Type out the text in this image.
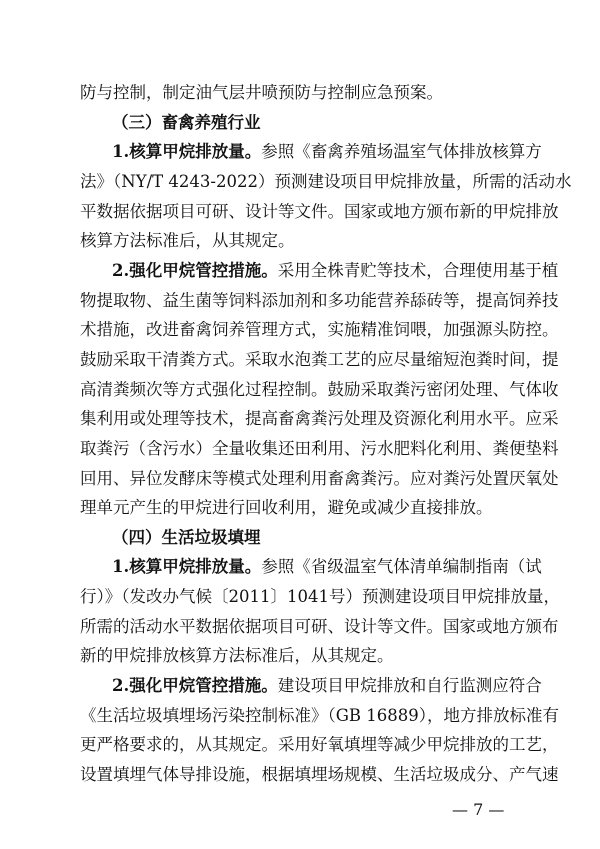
防与控制，制定油气层井喷预防与控制应急预案。
（三）畜禽养殖行业
1.核算甲烷排放量。参照《畜禽养殖场温室气体排放核算方
法》（NY/T 4243-2022）预测建设项目甲烷排放量，所需的活动水
平数据依据项目可研、设计等文件。国家或地方颁布新的甲烷排放
核算方法标准后，从其规定。
2.强化甲烷管控措施。采用全株青贮等技术，合理使用基于植
物提取物、益生菌等饲料添加剂和多功能营养舔砖等，提高饲养技
术措施，改进畜禽饲养管理方式，实施精准饲喂，加强源头防控。
鼓励采取干清粪方式。采取水泡粪工艺的应尽量缩短泡粪时间，提
高清粪频次等方式强化过程控制。鼓励采取粪污密闭处理、气体收
集利用或处理等技术，提高畜禽粪污处理及资源化利用水平。应采
取粪污（含污水）全量收集还田利用、污水肥料化利用、粪便垫料
回用、异位发酵床等模式处理利用畜禽粪污。应对粪污处置厌氧处
理单元产生的甲烷进行回收利用，避免或减少直接排放。
（四）生活垃圾填埋
1.核算甲烷排放量。参照《省级温室气体清单编制指南（试
行）》（发改办气候〔2011〕1041号）预测建设项目甲烷排放量，
所需的活动水平数据依据项目可研、设计等文件。国家或地方颁布
新的甲烷排放核算方法标准后，从其规定。
2.强化甲烷管控措施。建设项目甲烷排放和自行监测应符合
《生活垃圾填埋场污染控制标准》（GB 16889），地方排放标准有
更严格要求的，从其规定。采用好氧填埋等减少甲烷排放的工艺，
设置填埋气体导排设施，根据填埋场规模、生活垃圾成分、产气速
— 7 —
